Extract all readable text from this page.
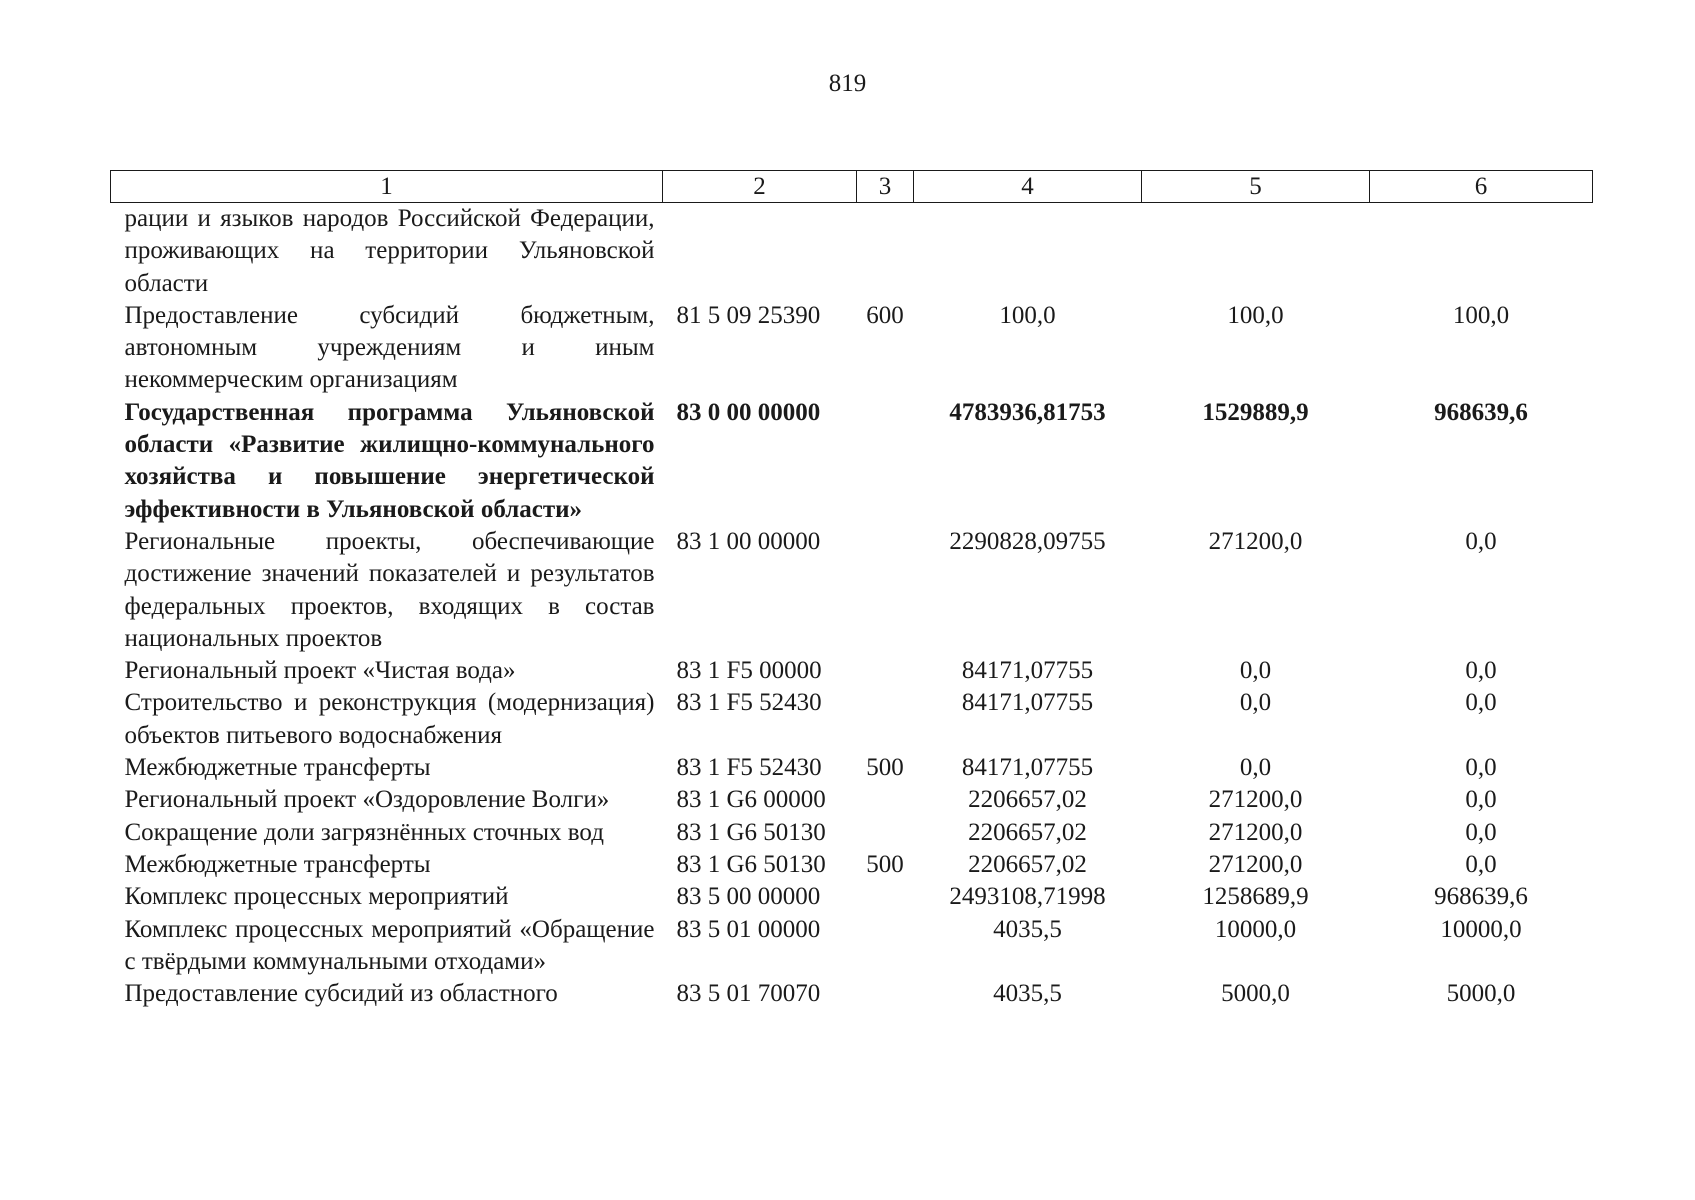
819
1	2	3	4	5	6
рации и языков народов Российской Федерации, проживающих на территории Ульяновской области					
Предоставление субсидий бюджетным, автономным учреждениям и иным некоммерческим организациям	81 5 09 25390	600	100,0	100,0	100,0
Государственная программа Ульяновской области «Развитие жилищно-коммунального хозяйства и повышение энергетической эффективности в Ульяновской области»	83 0 00 00000		4783936,81753	1529889,9	968639,6
Региональные проекты, обеспечивающие достижение значений показателей и результатов федеральных проектов, входящих в состав национальных проектов	83 1 00 00000		2290828,09755	271200,0	0,0
Региональный проект «Чистая вода»	83 1 F5 00000		84171,07755	0,0	0,0
Строительство и реконструкция (модернизация) объектов питьевого водоснабжения	83 1 F5 52430		84171,07755	0,0	0,0
Межбюджетные трансферты	83 1 F5 52430	500	84171,07755	0,0	0,0
Региональный проект «Оздоровление Волги»	83 1 G6 00000		2206657,02	271200,0	0,0
Сокращение доли загрязнённых сточных вод	83 1 G6 50130		2206657,02	271200,0	0,0
Межбюджетные трансферты	83 1 G6 50130	500	2206657,02	271200,0	0,0
Комплекс процессных мероприятий	83 5 00 00000		2493108,71998	1258689,9	968639,6
Комплекс процессных мероприятий «Обращение с твёрдыми коммунальными отходами»	83 5 01 00000		4035,5	10000,0	10000,0
Предоставление субсидий из областного	83 5 01 70070		4035,5	5000,0	5000,0
